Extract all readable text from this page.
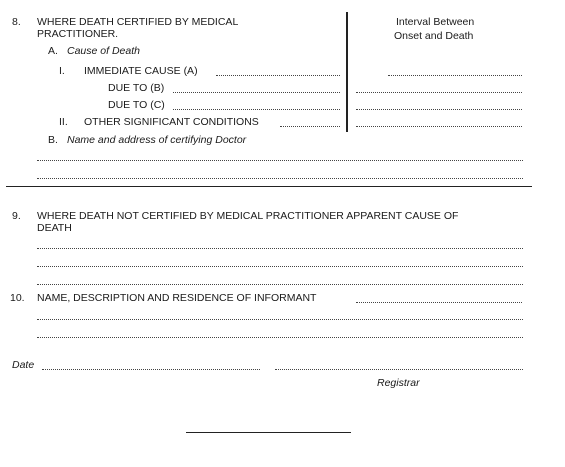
8. WHERE DEATH CERTIFIED BY MEDICAL
PRACTITIONER.
Interval Between
Onset and Death
A. Cause of Death
I. IMMEDIATE CAUSE (A)
DUE TO (B)
DUE TO (C)
II. OTHER SIGNIFICANT CONDITIONS
B. Name and address of certifying Doctor
9. WHERE DEATH NOT CERTIFIED BY MEDICAL PRACTITIONER APPARENT CAUSE OF
DEATH
10. NAME, DESCRIPTION AND RESIDENCE OF INFORMANT
Date
Registrar
